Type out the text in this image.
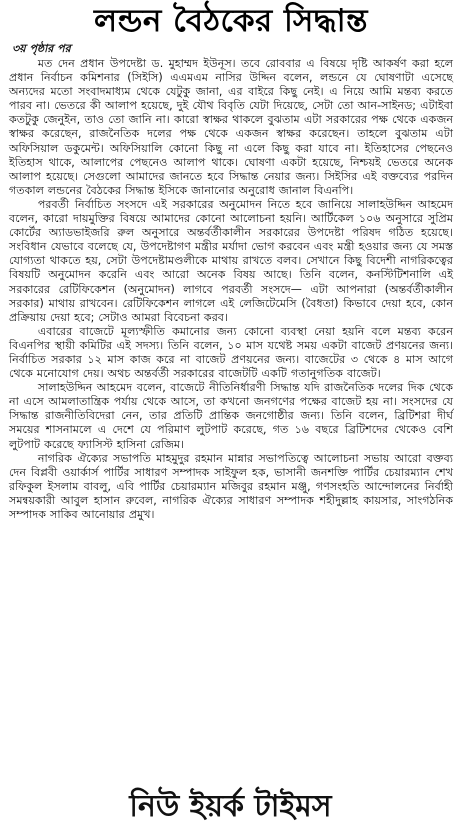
লন্ডন বৈঠকের সিদ্ধান্ত
৩য় পৃষ্ঠার পর

মত দেন প্রধান উপদেষ্টা ড. মুহাম্মদ ইউনূস। তবে রোববার এ বিষয়ে দৃষ্টি আকর্ষণ করা হলে প্রধান নির্বাচন কমিশনার (সিইসি) এএমএম নাসির উদ্দিন বলেন, লন্ডনে যে ঘোষণাটা এসেছে অন্যদের মতো সংবাদমাধ্যম থেকে যেটুকু জানা, এর বাইরে কিছু নেই। এ নিয়ে আমি মন্তব্য করতে পারব না। ভেতরে কী আলাপ হয়েছে, দুই যৌথ বিবৃতি যেটা দিয়েছে, সেটা তো আন-সাইনড; এটাইবা কতটুকু জেনুইন, তাও তো জানি না। কারো স্বাক্ষর থাকলে বুঝতাম এটা সরকারের পক্ষ থেকে একজন স্বাক্ষর করেছেন, রাজনৈতিক দলের পক্ষ থেকে একজন স্বাক্ষর করেছেন। তাহলে বুঝতাম এটা অফিসিয়াল ডকুমেন্ট। অফিসিয়ালি কোনো কিছু না এলে কিছু করা যাবে না। ইতিহাসের পেছনেও ইতিহাস থাকে, আলাপের পেছনেও আলাপ থাকে। ঘোষণা একটা হয়েছে, নিশ্চয়ই ভেতরে অনেক আলাপ হয়েছে। সেগুলো আমাদের জানতে হবে সিদ্ধান্ত নেয়ার জন্য। সিইসির এই বক্তব্যের পরদিন গতকাল লন্ডনের বৈঠকের সিদ্ধান্ত ইসিকে জানানোর অনুরোধ জানাল বিএনপি।

পরবর্তী নির্বাচিত সংসদে এই সরকারের অনুমোদন নিতে হবে জানিয়ে সালাহউদ্দিন আহমেদ বলেন, কারো দায়মুক্তির বিষয়ে আমাদের কোনো আলোচনা হয়নি। আর্টিকেল ১০৬ অনুসারে সুপ্রিম কোর্টের অ্যাডভাইজরি রুল অনুসারে অন্তর্বর্তীকালীন সরকারের উপদেষ্টা পরিষদ গঠিত হয়েছে। সংবিধান যেভাবে বলেছে যে, উপদেষ্টাগণ মন্ত্রীর মর্যাদা ভোগ করবেন এবং মন্ত্রী হওয়ার জন্য যে সমস্ত যোগ্যতা থাকতে হয়, সেটা উপদেষ্টামণ্ডলীকে মাথায় রাখতে বলব। সেখানে কিছু বিদেশী নাগরিকত্বের বিষয়টি অনুমোদন করেনি এবং আরো অনেক বিষয় আছে। তিনি বলেন, কনস্টিটিশনালি এই সরকারের রেটিফিকেশন (অনুমোদন) লাগবে পরবর্তী সংসদে— এটা আপনারা (অন্তর্বর্তীকালীন সরকার) মাথায় রাখবেন। রেটিফিকেশন লাগলে এই লেজিটেমেসি (বৈধতা) কিভাবে দেয়া হবে, কোন প্রক্রিয়ায় দেয়া হবে; সেটাও আমরা বিবেচনা করব।

এবারের বাজেটে মূল্যস্ফীতি কমানোর জন্য কোনো ব্যবস্থা নেয়া হয়নি বলে মন্তব্য করেন বিএনপির স্থায়ী কমিটির এই সদস্য। তিনি বলেন, ১০ মাস যথেষ্ট সময় একটা বাজেট প্রণয়নের জন্য। নির্বাচিত সরকার ১২ মাস কাজ করে না বাজেট প্রণয়নের জন্য। বাজেটের ৩ থেকে ৪ মাস আগে থেকে মনোযোগ দেয়। অথচ অন্তর্বর্তী সরকারের বাজেটটি একটি গতানুগতিক বাজেট।

সালাহউদ্দিন আহমেদ বলেন, বাজেটে নীতিনির্ধারণী সিদ্ধান্ত যদি রাজনৈতিক দলের দিক থেকে না এসে আমলাতান্ত্রিক পর্যায় থেকে আসে, তা কখনো জনগণের পক্ষের বাজেট হয় না। সংসদের যে সিদ্ধান্ত রাজনীতিবিদেরা নেন, তার প্রতিটি প্রান্তিক জনগোষ্ঠীর জন্য। তিনি বলেন, ব্রিটিশরা দীর্ঘ সময়ের শাসনামলে এ দেশে যে পরিমাণ লুটপাট করেছে, গত ১৬ বছরে ব্রিটিশদের থেকেও বেশি লুটপাট করেছে ফ্যাসিস্ট হাসিনা রেজিম।

নাগরিক ঐক্যের সভাপতি মাহমুদুর রহমান মান্নার সভাপতিত্বে আলোচনা সভায় আরো বক্তব্য দেন বিপ্লবী ওয়ার্কার্স পার্টির সাধারণ সম্পাদক সাইফুল হক, ভাসানী জনশক্তি পার্টির চেয়ারম্যান শেখ রফিকুল ইসলাম বাবলু, এবি পার্টির চেয়ারম্যান মজিবুর রহমান মঞ্জু, গণসংহতি আন্দোলনের নির্বাহী সমন্বয়কারী আবুল হাসান রুবেল, নাগরিক ঐক্যের সাধারণ সম্পাদক শহীদুল্লাহ কায়সার, সাংগঠনিক সম্পাদক সাকিব আনোয়ার প্রমুখ।

নিউ ইয়র্ক টাইমস
